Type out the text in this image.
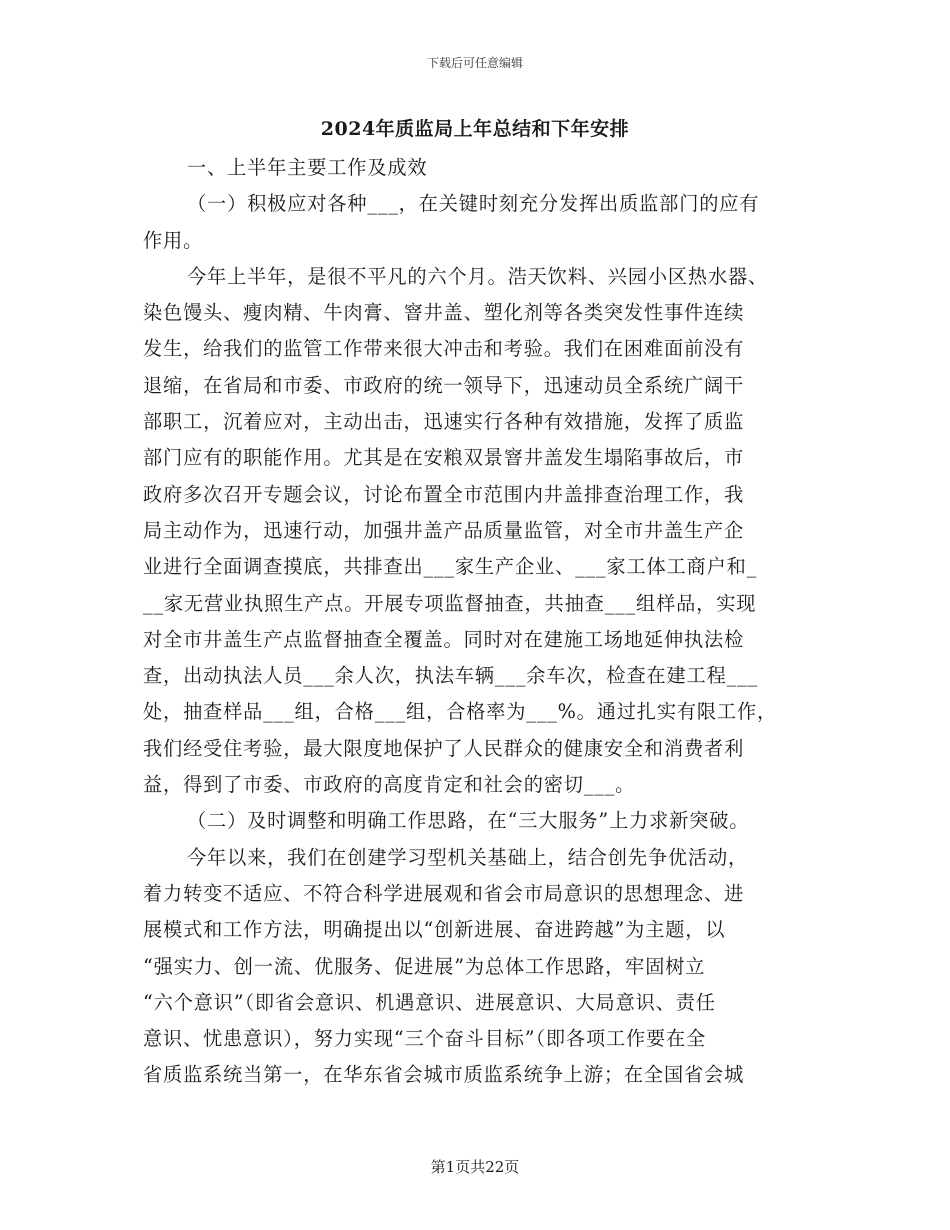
下载后可任意编辑
2024年质监局上年总结和下年安排
一、上半年主要工作及成效
（一）积极应对各种___，在关键时刻充分发挥出质监部门的应有
作用。
今年上半年，是很不平凡的六个月。浩天饮料、兴园小区热水器、
染色馒头、瘦肉精、牛肉膏、窨井盖、塑化剂等各类突发性事件连续
发生，给我们的监管工作带来很大冲击和考验。我们在困难面前没有
退缩，在省局和市委、市政府的统一领导下，迅速动员全系统广阔干
部职工，沉着应对，主动出击，迅速实行各种有效措施，发挥了质监
部门应有的职能作用。尤其是在安粮双景窨井盖发生塌陷事故后，市
政府多次召开专题会议，讨论布置全市范围内井盖排查治理工作，我
局主动作为，迅速行动，加强井盖产品质量监管，对全市井盖生产企
业进行全面调查摸底，共排查出___家生产企业、___家工体工商户和_
__家无营业执照生产点。开展专项监督抽查，共抽查___组样品，实现
对全市井盖生产点监督抽查全覆盖。同时对在建施工场地延伸执法检
查，出动执法人员___余人次，执法车辆___余车次，检查在建工程___
处，抽查样品___组，合格___组，合格率为___%。通过扎实有限工作，
我们经受住考验，最大限度地保护了人民群众的健康安全和消费者利
益，得到了市委、市政府的高度肯定和社会的密切___。
（二）及时调整和明确工作思路，在“三大服务”上力求新突破。
今年以来，我们在创建学习型机关基础上，结合创先争优活动，
着力转变不适应、不符合科学进展观和省会市局意识的思想理念、进
展模式和工作方法，明确提出以“创新进展、奋进跨越”为主题，以
“强实力、创一流、优服务、促进展”为总体工作思路，牢固树立
“六个意识”（即省会意识、机遇意识、进展意识、大局意识、责任
意识、忧患意识），努力实现“三个奋斗目标”（即各项工作要在全
省质监系统当第一，在华东省会城市质监系统争上游；在全国省会城
第1页共22页
